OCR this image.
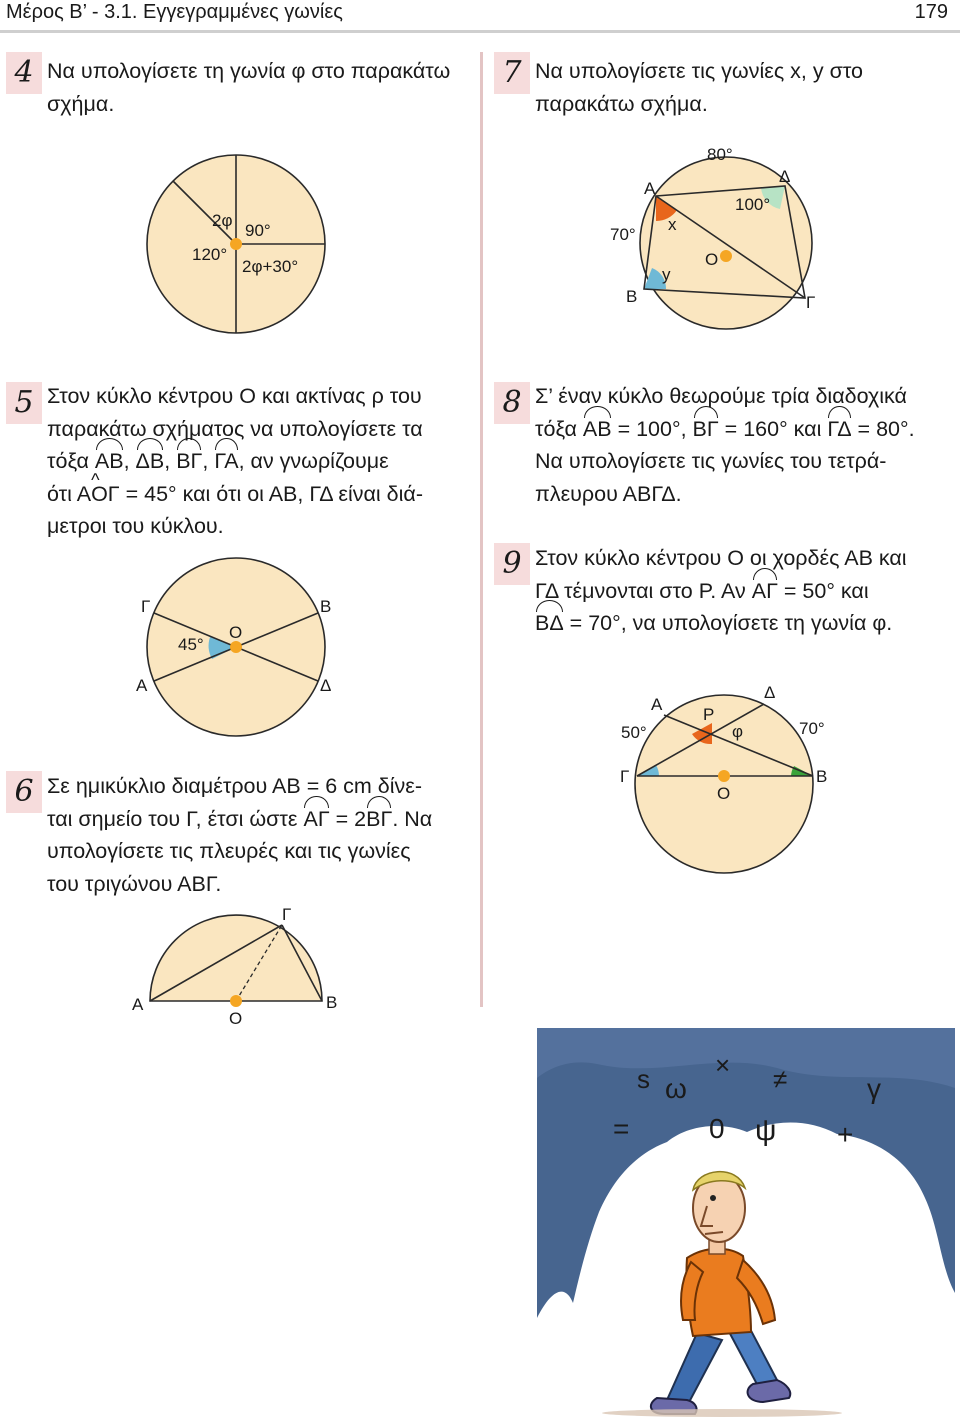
Μέρος Β’ - 3.1. Εγγεγραμμένες γωνίες	179
4 Να υπολογίσετε τη γωνία φ στο παρακάτω
σχήμα.
2φ
90°
120°
2φ+30°
7 Να υπολογίσετε τις γωνίες x, y στο
παρακάτω σχήμα.
80°
Α
Δ
100°
70°
x
Ο
y
Β	Γ
5 Στον κύκλο κέντρου Ο και ακτίνας ρ του
παρακάτω σχήματος να υπολογίσετε τα
τόξα ΑΒ, ΔΒ, ΒΓ, ΓΑ, αν γνωρίζουμε
ότι Α^ ΟΓ = 45° και ότι οι ΑΒ, ΓΔ είναι διά-
μετροι του κύκλου.
Γ	Β
Ο
45°
Α	Δ
8 Σ’ έναν κύκλο θεωρούμε τρία διαδοχικά
τόξα ΑΒ = 100°, ΒΓ = 160° και ΓΔ = 80°.
Να υπολογίσετε τις γωνίες του τετρά-
πλευρου ΑΒΓΔ.
9 Στον κύκλο κέντρου Ο οι χορδές ΑΒ και
ΓΔ τέμνονται στο Ρ. Αν ΑΓ = 50° και
ΒΔ = 70°, να υπολογίσετε τη γωνία φ.
Α
Δ
Ρ
50°	φ	70°
Γ	Β
Ο
6 Σε ημικύκλιο διαμέτρου ΑΒ = 6 cm δίνε-
ται σημείο του Γ, έτσι ώστε ΑΓ = 2ΒΓ. Να
υπολογίσετε τις πλευρές και τις γωνίες
του τριγώνου ΑΒΓ.
Γ
Α
Ο
Β
s ω
× ≠
=	0 ψ
γ
+
